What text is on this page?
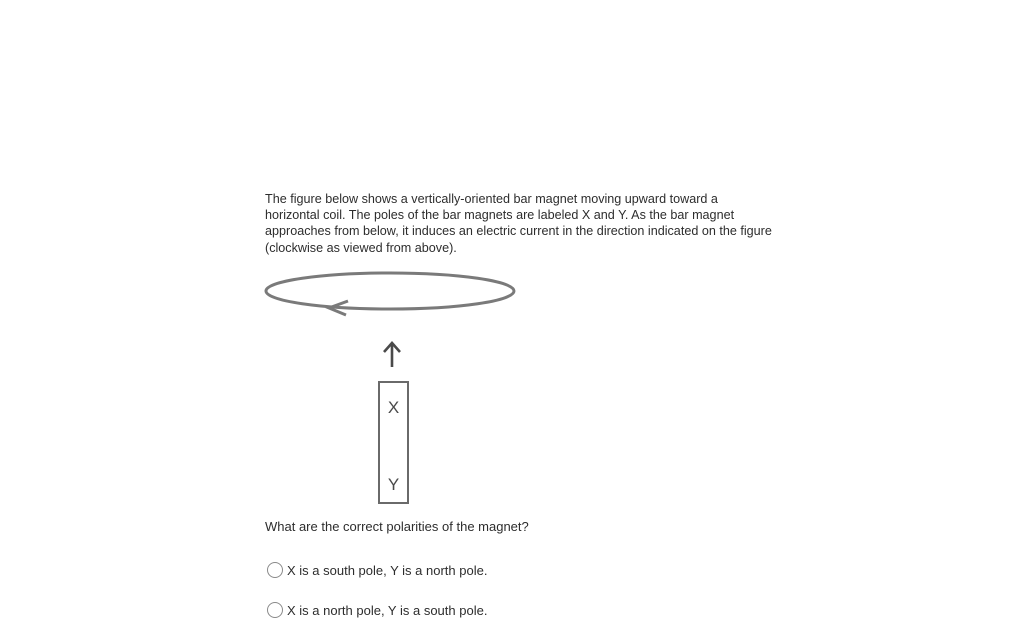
The figure below shows a vertically-oriented bar magnet moving upward toward a horizontal coil. The poles of the bar magnets are labeled X and Y. As the bar magnet approaches from below, it induces an electric current in the direction indicated on the figure (clockwise as viewed from above).

X
Y

What are the correct polarities of the magnet?

X is a south pole, Y is a north pole.
X is a north pole, Y is a south pole.
